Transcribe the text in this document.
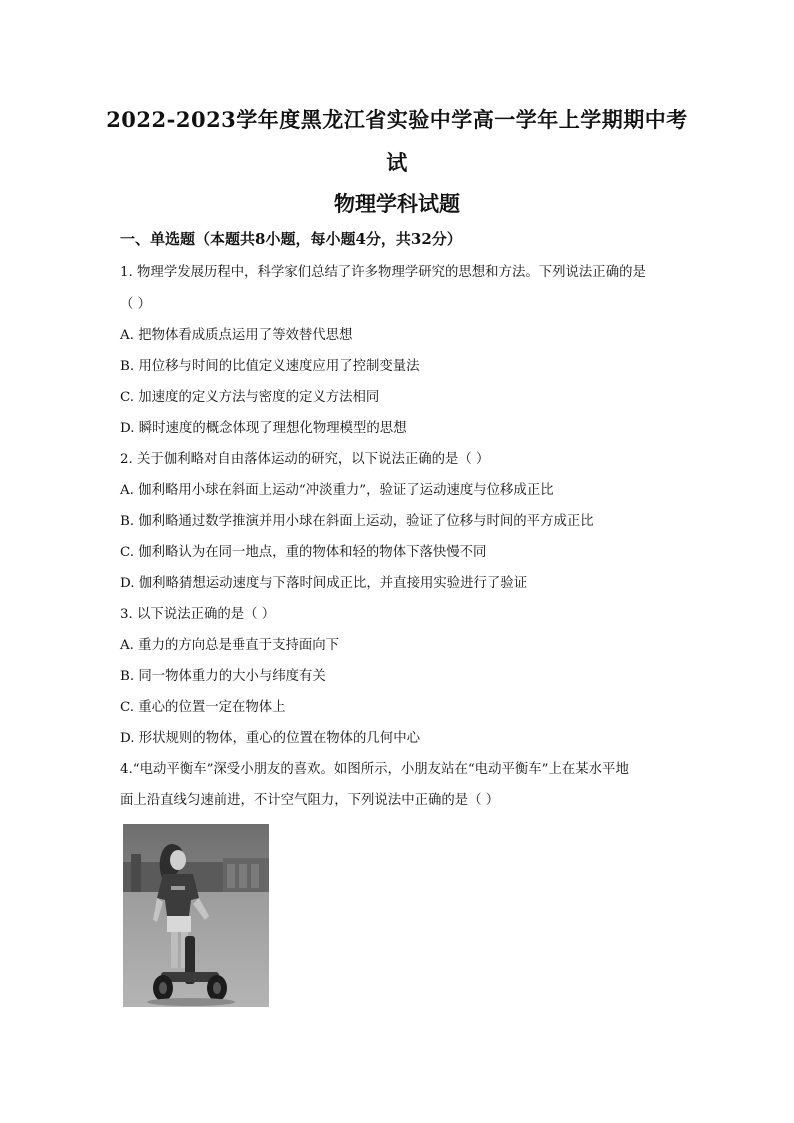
2022-2023学年度黑龙江省实验中学高一学年上学期期中考
试
物理学科试题
一、单选题（本题共8小题，每小题4分，共32分）
1. 物理学发展历程中，科学家们总结了许多物理学研究的思想和方法。下列说法正确的是
（ ）
A. 把物体看成质点运用了等效替代思想
B. 用位移与时间的比值定义速度应用了控制变量法
C. 加速度的定义方法与密度的定义方法相同
D. 瞬时速度的概念体现了理想化物理模型的思想
2. 关于伽利略对自由落体运动的研究，以下说法正确的是（ ）
A. 伽利略用小球在斜面上运动“冲淡重力”，验证了运动速度与位移成正比
B. 伽利略通过数学推演并用小球在斜面上运动，验证了位移与时间的平方成正比
C. 伽利略认为在同一地点，重的物体和轻的物体下落快慢不同
D. 伽利略猜想运动速度与下落时间成正比，并直接用实验进行了验证
3. 以下说法正确的是（ ）
A. 重力的方向总是垂直于支持面向下
B. 同一物体重力的大小与纬度有关
C. 重心的位置一定在物体上
D. 形状规则的物体，重心的位置在物体的几何中心
4.“电动平衡车”深受小朋友的喜欢。如图所示，小朋友站在“电动平衡车”上在某水平地
面上沿直线匀速前进，不计空气阻力，下列说法中正确的是（ ）
